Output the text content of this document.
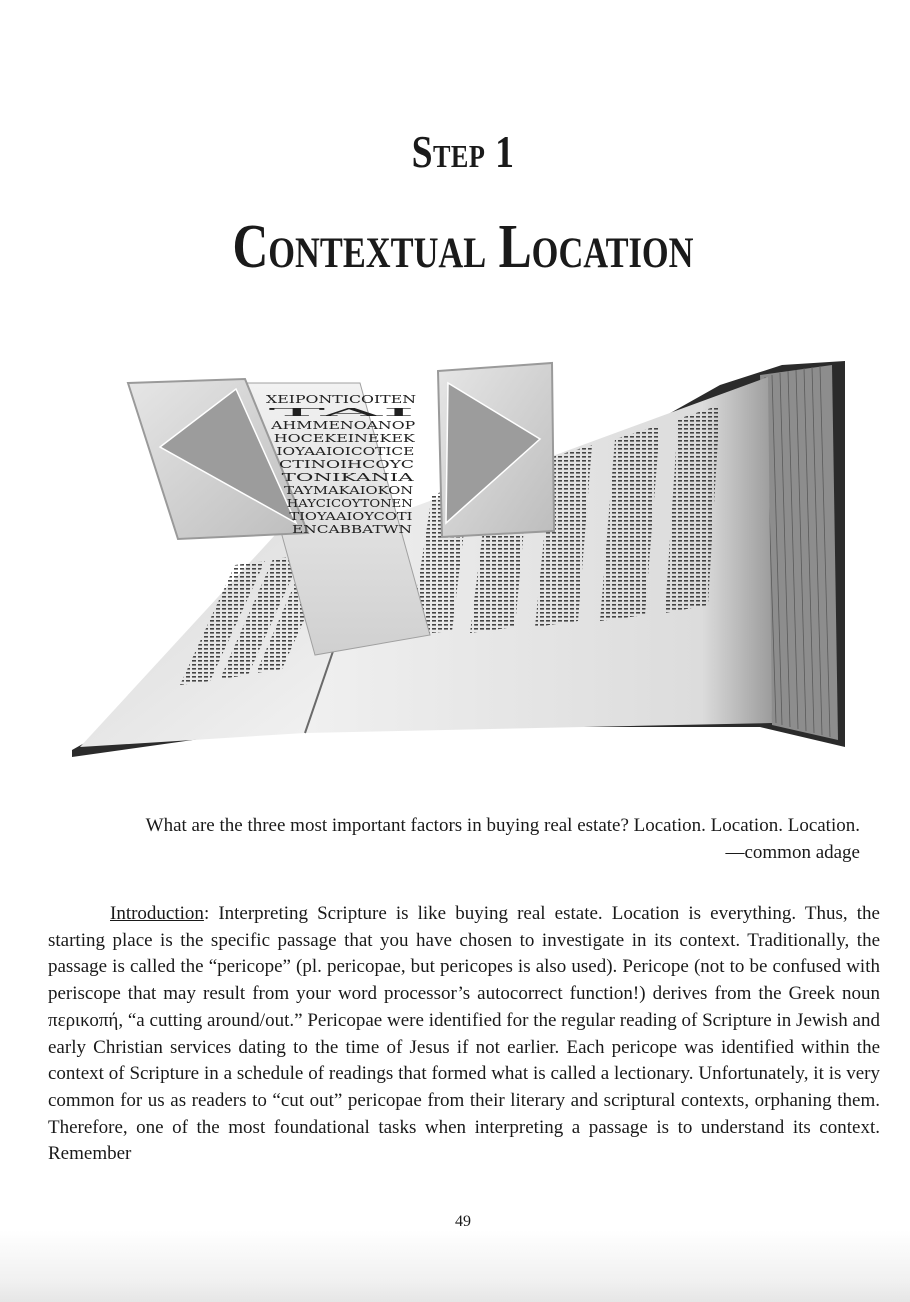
Step 1
Contextual Location
XEIPONTICOITEN
TAI
AHMMENOANOP
HOCEKEINEKEK
IOYAAIOICOTICE
CTINOIHCOYC
TONIKANIA
TAYMAKAIOKON
HAYCICOYTONEN
TIOYAAIOYCOTI
ENCABBATWN
What are the three most important factors in buying real estate? Location. Location. Location.
—common adage
Introduction: Interpreting Scripture is like buying real estate. Location is everything. Thus, the starting place is the specific passage that you have chosen to investigate in its context. Traditionally, the passage is called the “pericope” (pl. pericopae, but pericopes is also used). Pericope (not to be confused with periscope that may result from your word processor’s autocorrect function!) derives from the Greek noun περικοπή, “a cutting around/out.” Pericopae were identified for the regular reading of Scripture in Jewish and early Christian services dating to the time of Jesus if not earlier. Each pericope was identified within the context of Scripture in a schedule of readings that formed what is called a lectionary. Unfortunately, it is very common for us as readers to “cut out” pericopae from their literary and scriptural contexts, orphaning them. Therefore, one of the most foundational tasks when interpreting a passage is to understand its context. Remember
49
